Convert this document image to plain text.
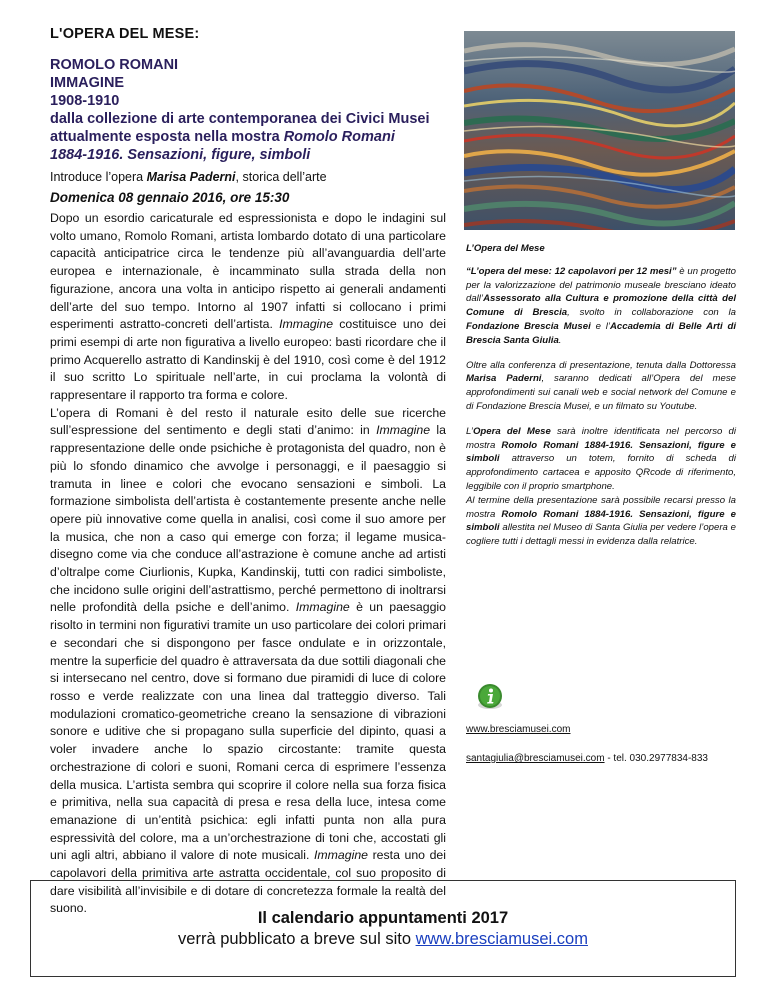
L'OPERA DEL MESE:
ROMOLO ROMANI
IMMAGINE
1908-1910
dalla collezione di arte contemporanea dei Civici Musei
attualmente esposta nella mostra Romolo Romani
1884-1916. Sensazioni, figure, simboli
Introduce l’opera Marisa Paderni, storica dell’arte
Domenica 08 gennaio 2016, ore 15:30
Dopo un esordio caricaturale ed espressionista e dopo le indagini sul volto umano, Romolo Romani, artista lombardo dotato di una particolare capacità anticipatrice circa le tendenze più all’avanguardia dell’arte europea e internazionale, è incamminato sulla strada della non figurazione, ancora una volta in anticipo rispetto ai generali andamenti dell’arte del suo tempo. Intorno al 1907 infatti si collocano i primi esperimenti astratto-concreti dell’artista. Immagine costituisce uno dei primi esempi di arte non figurativa a livello europeo: basti ricordare che il primo Acquerello astratto di Kandinskij è del 1910, così come è del 1912 il suo scritto Lo spirituale nell’arte, in cui proclama la volontà di rappresentare il rapporto tra forma e colore.
L’opera di Romani è del resto il naturale esito delle sue ricerche sull’espressione del sentimento e degli stati d’animo: in Immagine la rappresentazione delle onde psichiche è protagonista del quadro, non è più lo sfondo dinamico che avvolge i personaggi, e il paesaggio si tramuta in linee e colori che evocano sensazioni e simboli. La formazione simbolista dell’artista è costantemente presente anche nelle opere più innovative come quella in analisi, così come il suo amore per la musica, che non a caso qui emerge con forza; il legame musica-disegno come via che conduce all’astrazione è comune anche ad artisti d’oltralpe come Ciurlionis, Kupka, Kandinskij, tutti con radici simboliste, che incidono sulle origini dell’astrattismo, perché permettono di inoltrarsi nelle profondità della psiche e dell’animo. Immagine è un paesaggio risolto in termini non figurativi tramite un uso particolare dei colori primari e secondari che si dispongono per fasce ondulate e in orizzontale, mentre la superficie del quadro è attraversata da due sottili diagonali che si intersecano nel centro, dove si formano due piramidi di luce di colore rosso e verde realizzate con una linea dal tratteggio diverso. Tali modulazioni cromatico-geometriche creano la sensazione di vibrazioni sonore e uditive che si propagano sulla superficie del dipinto, quasi a voler invadere anche lo spazio circostante: tramite questa orchestrazione di colori e suoni, Romani cerca di esprimere l’essenza della musica. L’artista sembra qui scoprire il colore nella sua forza fisica e primitiva, nella sua capacità di presa e resa della luce, intesa come emanazione di un’entità psichica: egli infatti punta non alla pura espressività del colore, ma a un’orchestrazione di toni che, accostati gli uni agli altri, abbiano il valore di note musicali. Immagine resta uno dei capolavori della primitiva arte astratta occidentale, col suo proposito di dare visibilità all’invisibile e di dotare di concretezza formale la realtà del suono.

L’Opera del Mese

“L’opera del mese: 12 capolavori per 12 mesi” è un progetto per la valorizzazione del patrimonio museale bresciano ideato dall’Assessorato alla Cultura e promozione della città del Comune di Brescia, svolto in collaborazione con la Fondazione Brescia Musei e l’Accademia di Belle Arti di Brescia Santa Giulia.

Oltre alla conferenza di presentazione, tenuta dalla Dottoressa Marisa Paderni, saranno dedicati all’Opera del mese approfondimenti sui canali web e social network del Comune e di Fondazione Brescia Musei, e un filmato su Youtube.

L’Opera del Mese sarà inoltre identificata nel percorso di mostra Romolo Romani 1884-1916. Sensazioni, figure e simboli attraverso un totem, fornito di scheda di approfondimento cartacea e apposito QRcode di riferimento, leggibile con il proprio smartphone.
Al termine della presentazione sarà possibile recarsi presso la mostra Romolo Romani 1884-1916. Sensazioni, figure e simboli allestita nel Museo di Santa Giulia per vedere l’opera e cogliere tutti i dettagli messi in evidenza dalla relatrice.

www.bresciamusei.com
santagiulia@bresciamusei.com - tel. 030.2977834-833
Il calendario appuntamenti 2017
verrà pubblicato a breve sul sito www.bresciamusei.com
